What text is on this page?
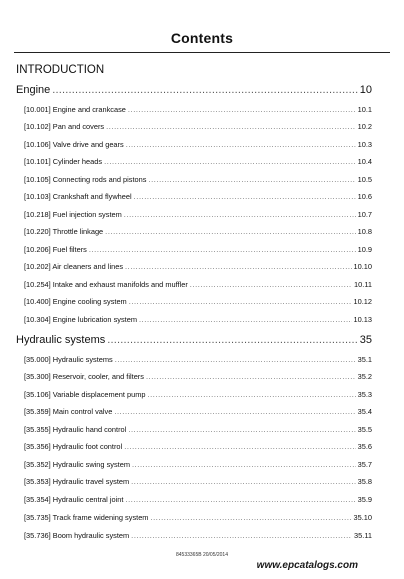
Contents
INTRODUCTION
Engine .....	10
[10.001] Engine and crankcase .....	10.1
[10.102] Pan and covers .....	10.2
[10.106] Valve drive and gears .....	10.3
[10.101] Cylinder heads .....	10.4
[10.105] Connecting rods and pistons .....	10.5
[10.103] Crankshaft and flywheel .....	10.6
[10.218] Fuel injection system .....	10.7
[10.220] Throttle linkage .....	10.8
[10.206] Fuel filters .....	10.9
[10.202] Air cleaners and lines .....	10.10
[10.254] Intake and exhaust manifolds and muffler .....	10.11
[10.400] Engine cooling system .....	10.12
[10.304] Engine lubrication system .....	10.13
Hydraulic systems .....	35
[35.000] Hydraulic systems .....	35.1
[35.300] Reservoir, cooler, and filters .....	35.2
[35.106] Variable displacement pump .....	35.3
[35.359] Main control valve .....	35.4
[35.355] Hydraulic hand control .....	35.5
[35.356] Hydraulic foot control .....	35.6
[35.352] Hydraulic swing system .....	35.7
[35.353] Hydraulic travel system .....	35.8
[35.354] Hydraulic central joint .....	35.9
[35.735] Track frame widening system .....	35.10
[35.736] Boom hydraulic system .....	35.11
84533365B 20/05/2014
www.epcatalogs.com
